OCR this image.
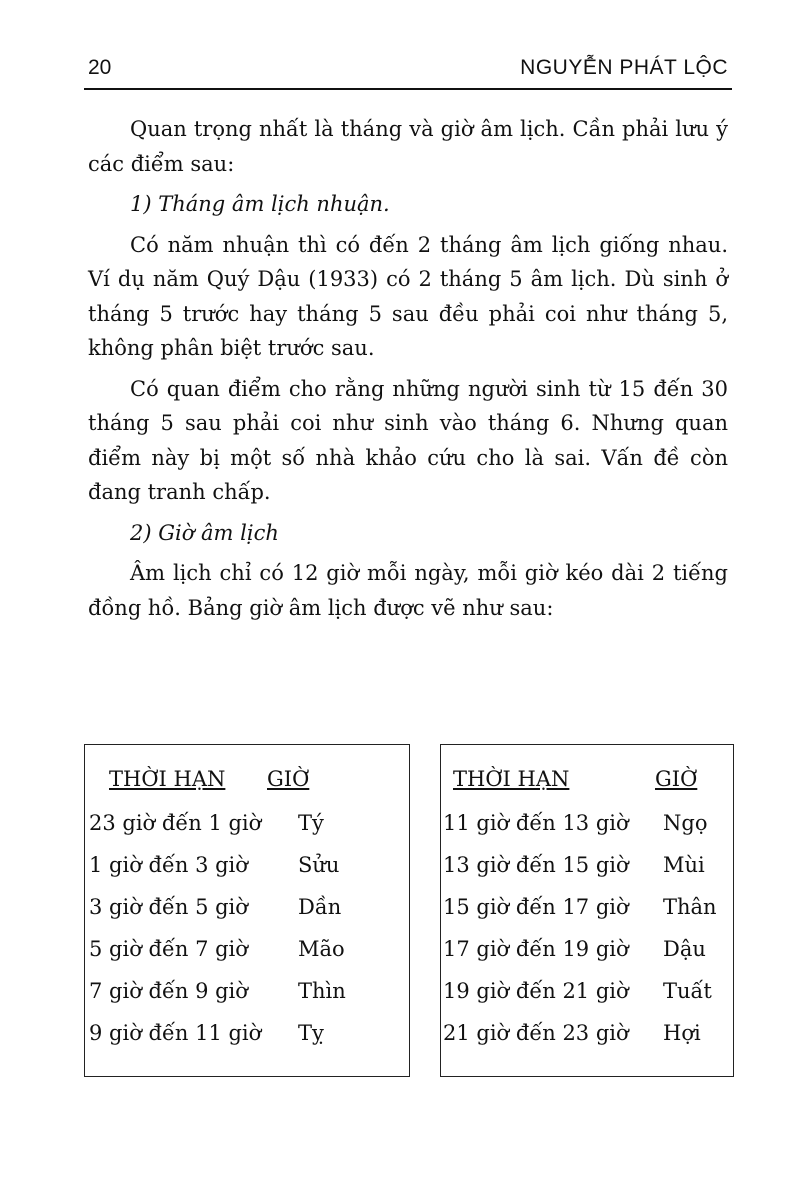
20	NGUYỄN PHÁT LỘC

Quan trọng nhất là tháng và giờ âm lịch. Cần phải lưu ý các điểm sau:

1) Tháng âm lịch nhuận.

Có năm nhuận thì có đến 2 tháng âm lịch giống nhau. Ví dụ năm Quý Dậu (1933) có 2 tháng 5 âm lịch. Dù sinh ở tháng 5 trước hay tháng 5 sau đều phải coi như tháng 5, không phân biệt trước sau.

Có quan điểm cho rằng những người sinh từ 15 đến 30 tháng 5 sau phải coi như sinh vào tháng 6. Nhưng quan điểm này bị một số nhà khảo cứu cho là sai. Vấn đề còn đang tranh chấp.

2) Giờ âm lịch

Âm lịch chỉ có 12 giờ mỗi ngày, mỗi giờ kéo dài 2 tiếng đồng hồ. Bảng giờ âm lịch được vẽ như sau:

THỜI HẠN GIỜ
23 giờ đến 1 giờ Tý
1 giờ đến 3 giờ Sửu
3 giờ đến 5 giờ Dần
5 giờ đến 7 giờ Mão
7 giờ đến 9 giờ Thìn
9 giờ đến 11 giờ Tỵ
THỜI HẠN	GIỜ
11 giờ đến 13 giờ Ngọ
13 giờ đến 15 giờ Mùi
15 giờ đến 17 giờ Thân
17 giờ đến 19 giờ Dậu
19 giờ đến 21 giờ Tuất
21 giờ đến 23 giờ Hợi
